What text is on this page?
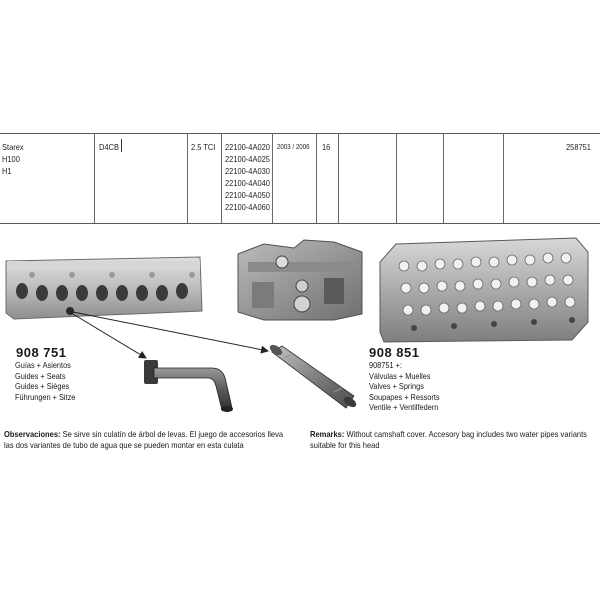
Starex
H100
H1
D4CB	2.5 TCI 22100-4A020
22100-4A025
22100-4A030
22100-4A040
22100-4A050
22100-4A060
2003 / 2006 16	258751
908 751
Guías + Asientos
Guides + Seats
Guides + Sièges
Führungen + Sitze
908 851
908751 +:
Válvulas + Muelles
Valves + Springs
Soupapes + Ressorts
Ventile + Ventilfedern
Observaciones: Se sirve sin culatín de árbol de levas. El juego de accesorios lleva las dos variantes de tubo de agua que se pueden montar en esta culata
Remarks: Without camshaft cover. Accesory bag includes two water pipes variants suitable for this head
